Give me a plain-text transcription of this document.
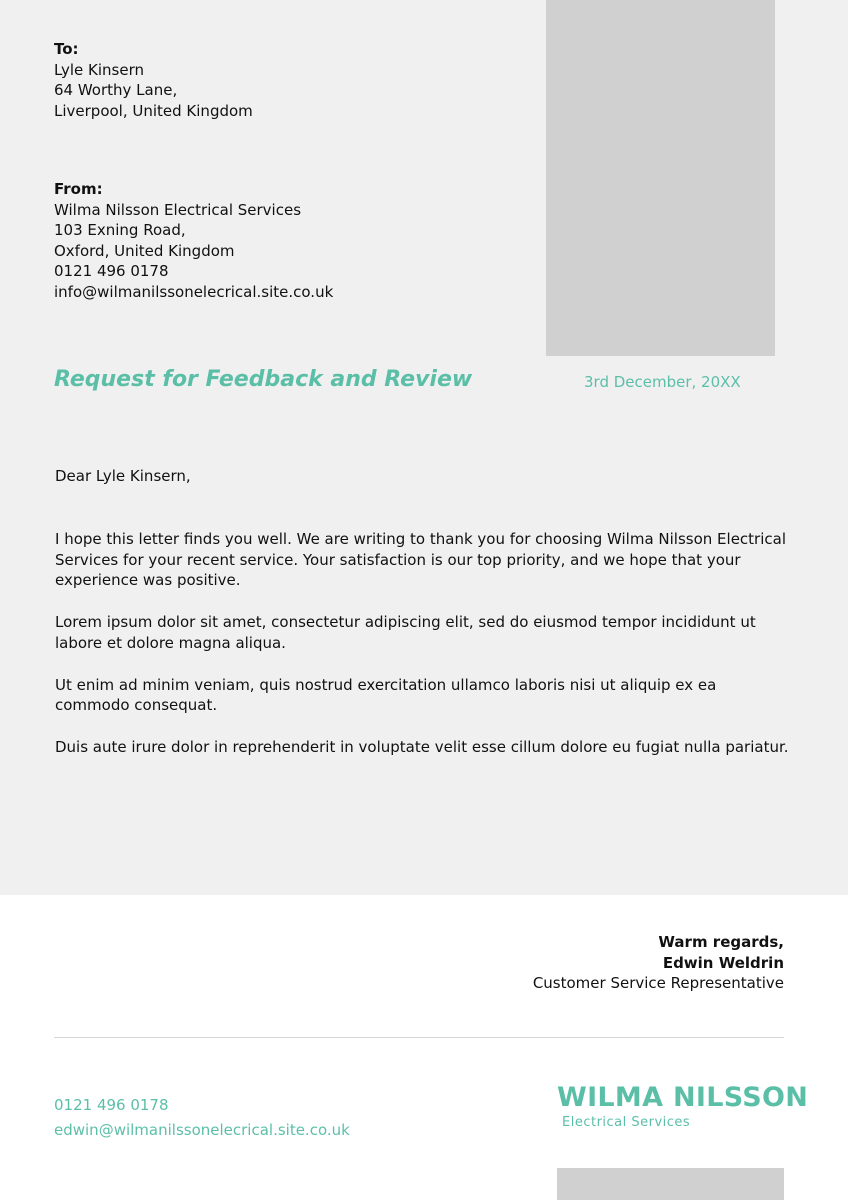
To:
Lyle Kinsern
64 Worthy Lane,
Liverpool, United Kingdom
From:
Wilma Nilsson Electrical Services
103 Exning Road,
Oxford, United Kingdom
0121 496 0178
info@wilmanilssonelecrical.site.co.uk
Request for Feedback and Review	3rd December, 20XX
Dear Lyle Kinsern,

I hope this letter finds you well. We are writing to thank you for choosing Wilma Nilsson Electrical Services for your recent service. Your satisfaction is our top priority, and we hope that your experience was positive.

Lorem ipsum dolor sit amet, consectetur adipiscing elit, sed do eiusmod tempor incididunt ut labore et dolore magna aliqua.

Ut enim ad minim veniam, quis nostrud exercitation ullamco laboris nisi ut aliquip ex ea commodo consequat.

Duis aute irure dolor in reprehenderit in voluptate velit esse cillum dolore eu fugiat nulla pariatur.

Warm regards,
Edwin Weldrin
Customer Service Representative
0121 496 0178
edwin@wilmanilssonelecrical.site.co.uk
WILMA NILSSON
Electrical Services
